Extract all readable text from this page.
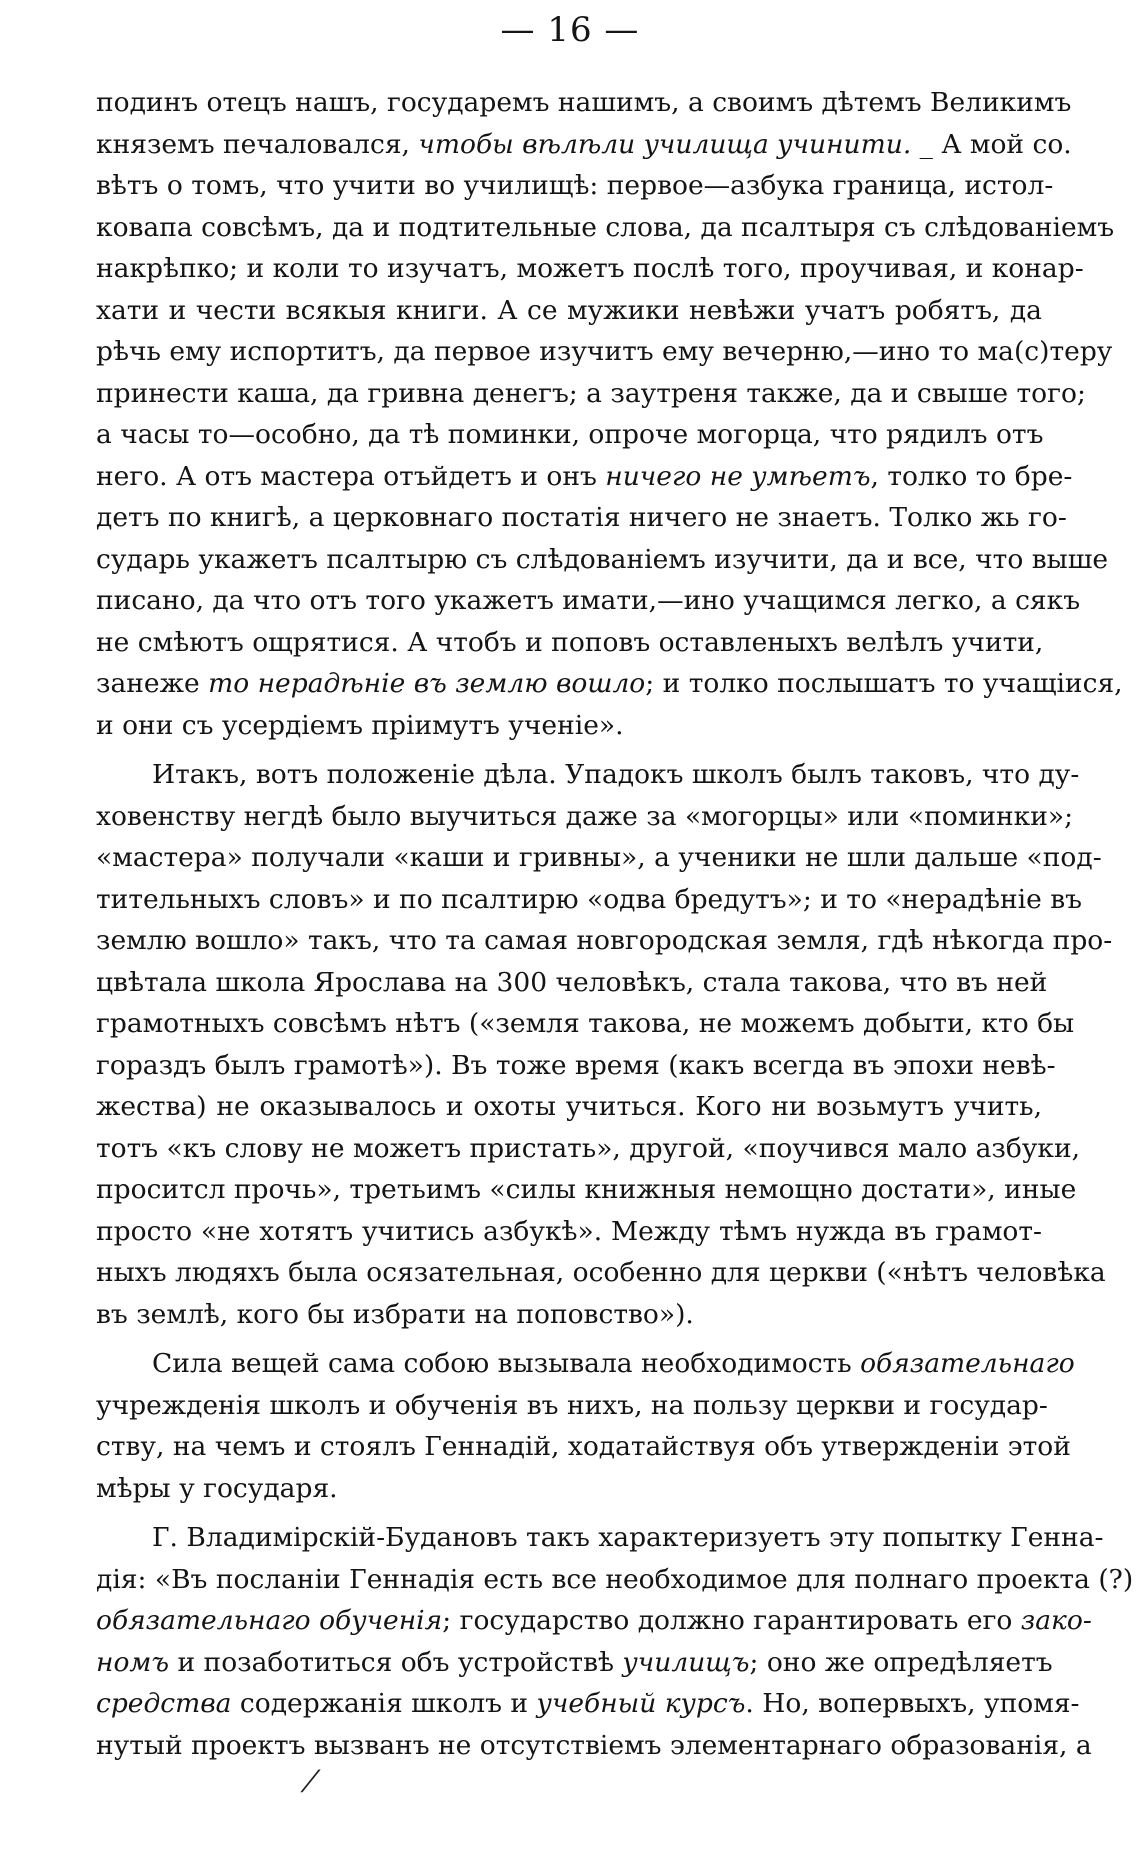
— 16 —
подинъ отецъ нашъ, государемъ нашимъ, а своимъ дѣтемъ Великимъ
княземъ печаловался, чтобы вѣлѣли училища учинити. _ А мой со.
вѣтъ о томъ, что учити во училищѣ: первое—азбука граница, истол-
ковапа совсѣмъ, да и подтительные слова, да псалтыря съ слѣдованіемъ
накрѣпко; и коли то изучатъ, можетъ послѣ того, проучивая, и конар-
хати и чести всякыя книги. А се мужики невѣжи учатъ робятъ, да
рѣчь ему испортитъ, да первое изучитъ ему вечерню,—ино то ма(с)теру
принести каша, да гривна денегъ; а заутреня также, да и свыше того;
а часы то—особно, да тѣ поминки, опроче могорца, что рядилъ отъ
него. А отъ мастера отъйдетъ и онъ ничего не умѣетъ, толко то бре-
детъ по книгѣ, а церковнаго постатія ничего не знаетъ. Толко жь го-
сударь укажетъ псалтырю съ слѣдованіемъ изучити, да и все, что выше
писано, да что отъ того укажетъ имати,—ино учащимся легко, а сякъ
не смѣютъ ощрятися. А чтобъ и поповъ оставленыхъ велѣлъ учити,
занеже то нерадѣніе въ землю вошло; и толко послышатъ то учащіися,
и они съ усердіемъ пріимутъ ученіе».
Итакъ, вотъ положеніе дѣла. Упадокъ школъ былъ таковъ, что ду-
ховенству негдѣ было выучиться даже за «могорцы» или «поминки»;
«мастера» получали «каши и гривны», а ученики не шли дальше «под-
тительныхъ словъ» и по псалтирю «одва бредутъ»; и то «нерадѣніе въ
землю вошло» такъ, что та самая новгородская земля, гдѣ нѣкогда про-
цвѣтала школа Ярослава на 300 человѣкъ, стала такова, что въ ней
грамотныхъ совсѣмъ нѣтъ («земля такова, не можемъ добыти, кто бы
гораздъ былъ грамотѣ»). Въ тоже время (какъ всегда въ эпохи невѣ-
жества) не оказывалось и охоты учиться. Кого ни возьмутъ учить,
тотъ «къ слову не можетъ пристать», другой, «поучився мало азбуки,
проситсл прочь», третьимъ «силы книжныя немощно достати», иные
просто «не хотятъ учитись азбукѣ». Между тѣмъ нужда въ грамот-
ныхъ людяхъ была осязательная, особенно для церкви («нѣтъ человѣка
въ землѣ, кого бы избрати на поповство»).
Сила вещей сама собою вызывала необходимость обязательнаго
учрежденія школъ и обученія въ нихъ, на пользу церкви и государ-
ству, на чемъ и стоялъ Геннадій, ходатайствуя объ утвержденіи этой
мѣры у государя.
Г. Владимірскій-Будановъ такъ характеризуетъ эту попытку Генна-
дія: «Въ посланіи Геннадія есть все необходимое для полнаго проекта (?)
обязательнаго обученія; государство должно гарантировать его зако-
номъ и позаботиться объ устройствѣ училищъ; оно же опредѣляетъ
средства содержанія школъ и учебный курсъ. Но, вопервыхъ, упомя-
нутый проектъ вызванъ не отсутствіемъ элементарнаго образованія, а
⁄
